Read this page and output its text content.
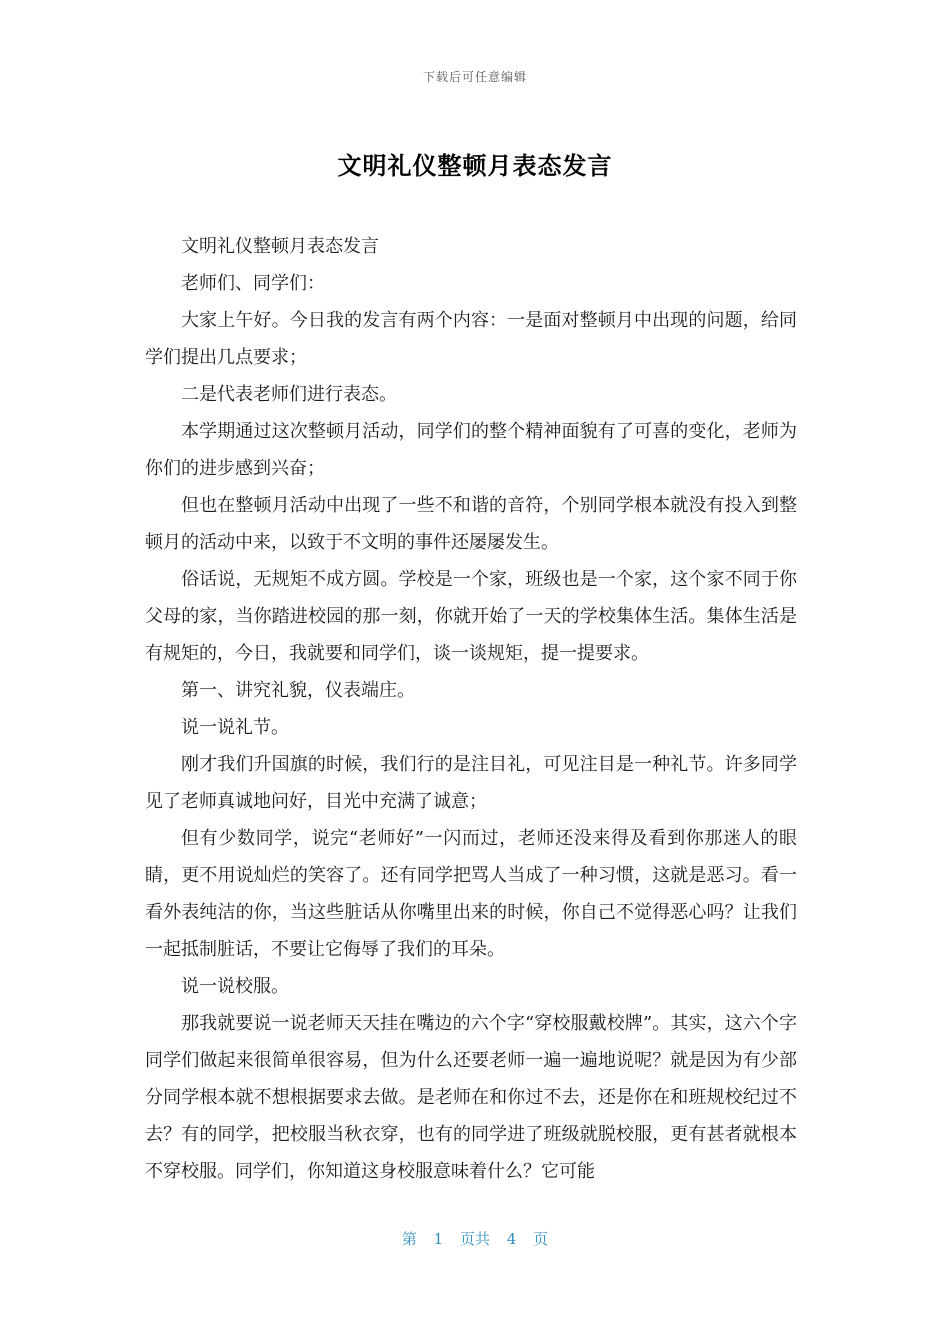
下载后可任意编辑
文明礼仪整顿月表态发言

文明礼仪整顿月表态发言

老师们、同学们：

大家上午好。今日我的发言有两个内容：一是面对整顿月中出现的问题，给同学们提出几点要求；

二是代表老师们进行表态。

本学期通过这次整顿月活动，同学们的整个精神面貌有了可喜的变化，老师为你们的进步感到兴奋；

但也在整顿月活动中出现了一些不和谐的音符，个别同学根本就没有投入到整顿月的活动中来，以致于不文明的事件还屡屡发生。

俗话说，无规矩不成方圆。学校是一个家，班级也是一个家，这个家不同于你父母的家，当你踏进校园的那一刻，你就开始了一天的学校集体生活。集体生活是有规矩的，今日，我就要和同学们，谈一谈规矩，提一提要求。

第一、讲究礼貌，仪表端庄。

说一说礼节。

刚才我们升国旗的时候，我们行的是注目礼，可见注目是一种礼节。许多同学见了老师真诚地问好，目光中充满了诚意；

但有少数同学，说完“老师好”一闪而过，老师还没来得及看到你那迷人的眼睛，更不用说灿烂的笑容了。还有同学把骂人当成了一种习惯，这就是恶习。看一看外表纯洁的你，当这些脏话从你嘴里出来的时候，你自己不觉得恶心吗？让我们一起抵制脏话，不要让它侮辱了我们的耳朵。

说一说校服。

那我就要说一说老师天天挂在嘴边的六个字“穿校服戴校牌”。其实，这六个字同学们做起来很简单很容易，但为什么还要老师一遍一遍地说呢？就是因为有少部分同学根本就不想根据要求去做。是老师在和你过不去，还是你在和班规校纪过不去？有的同学，把校服当秋衣穿，也有的同学进了班级就脱校服，更有甚者就根本不穿校服。同学们，你知道这身校服意味着什么？它可能

第 1 页共 4 页
